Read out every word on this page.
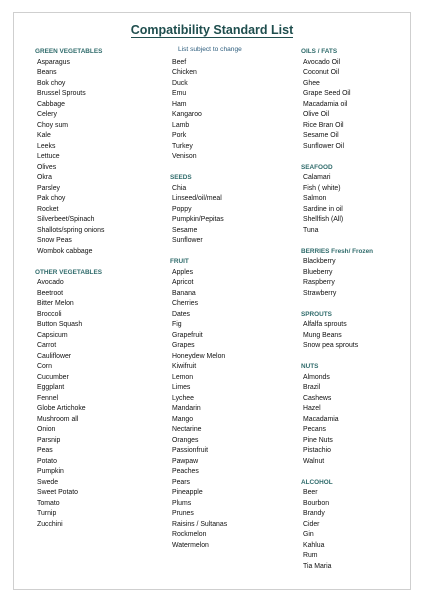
Compatibility Standard List
List subject to change
GREEN VEGETABLES
Asparagus
Beans
Bok choy
Brussel Sprouts
Cabbage
Celery
Choy sum
Kale
Leeks
Lettuce
Olives
Okra
Parsley
Pak choy
Rocket
Silverbeet/Spinach
Shallots/spring onions
Snow Peas
Wombok cabbage
OTHER VEGETABLES
Avocado
Beetroot
Bitter Melon
Broccoli
Button Squash
Capsicum
Carrot
Cauliflower
Corn
Cucumber
Eggplant
Fennel
Globe Artichoke
Mushroom all
Onion
Parsnip
Peas
Potato
Pumpkin
Swede
Sweet Potato
Tomato
Turnip
Zucchini
Beef
Chicken
Duck
Emu
Ham
Kangaroo
Lamb
Pork
Turkey
Venison
SEEDS
Chia
Linseed/oil/meal
Poppy
Pumpkin/Pepitas
Sesame
Sunflower
FRUIT
Apples
Apricot
Banana
Cherries
Dates
Fig
Grapefruit
Grapes
Honeydew Melon
Kiwifruit
Lemon
Limes
Lychee
Mandarin
Mango
Nectarine
Oranges
Passionfruit
Pawpaw
Peaches
Pears
Pineapple
Plums
Prunes
Raisins / Sultanas
Rockmelon
Watermelon
OILS / FATS
Avocado Oil
Coconut Oil
Ghee
Grape Seed Oil
Macadamia oil
Olive Oil
Rice Bran Oil
Sesame Oil
Sunflower Oil
SEAFOOD
Calamari
Fish ( white)
Salmon
Sardine in oil
Shellfish (All)
Tuna
BERRIES Fresh/ Frozen
Blackberry
Blueberry
Raspberry
Strawberry
SPROUTS
Alfalfa sprouts
Mung Beans
Snow pea sprouts
NUTS
Almonds
Brazil
Cashews
Hazel
Macadamia
Pecans
Pine Nuts
Pistachio
Walnut
ALCOHOL
Beer
Bourbon
Brandy
Cider
Gin
Kahlua
Rum
Tia Maria
